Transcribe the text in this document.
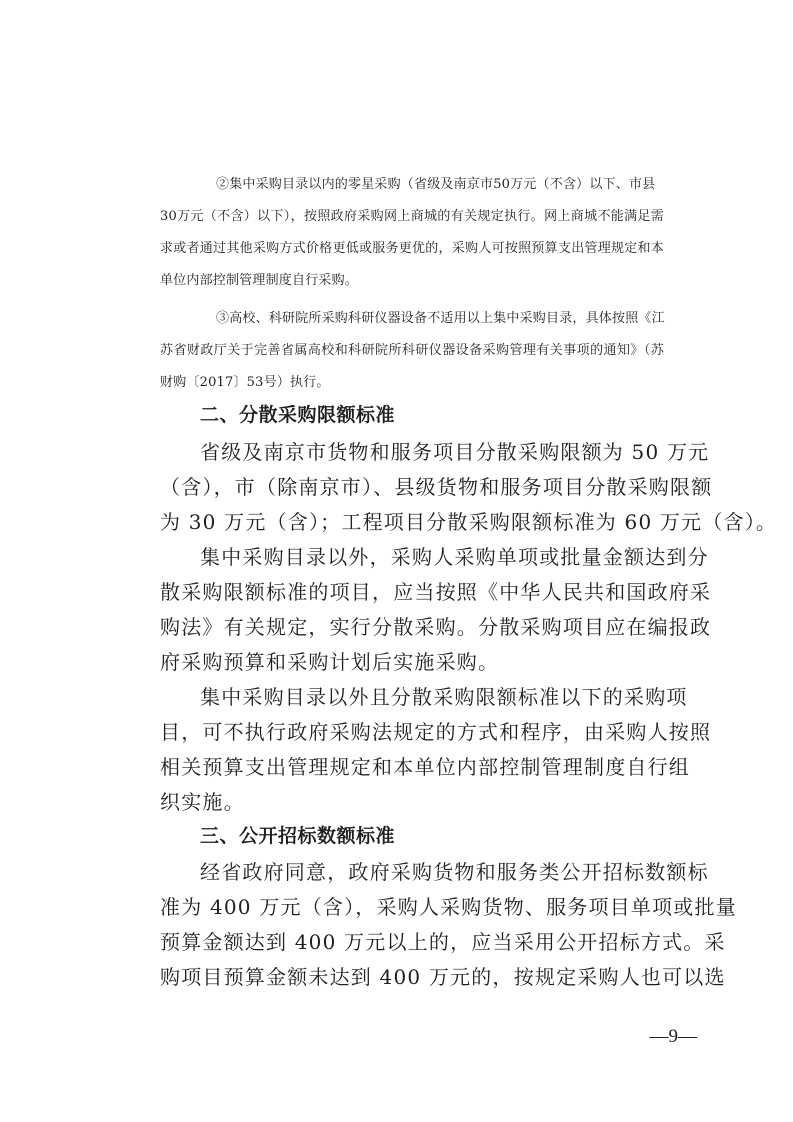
②集中采购目录以内的零星采购（省级及南京市50万元（不含）以下、市县

30万元（不含）以下），按照政府采购网上商城的有关规定执行。网上商城不能满足需

求或者通过其他采购方式价格更低或服务更优的，采购人可按照预算支出管理规定和本

单位内部控制管理制度自行采购。

③高校、科研院所采购科研仪器设备不适用以上集中采购目录，具体按照《江

苏省财政厅关于完善省属高校和科研院所科研仪器设备采购管理有关事项的通知》（苏

财购〔2017〕53号）执行。

二、分散采购限额标准

省级及南京市货物和服务项目分散采购限额为 50 万元

（含），市（除南京市）、县级货物和服务项目分散采购限额

为 30 万元（含）；工程项目分散采购限额标准为 60 万元（含）。

集中采购目录以外，采购人采购单项或批量金额达到分

散采购限额标准的项目，应当按照《中华人民共和国政府采

购法》有关规定，实行分散采购。分散采购项目应在编报政

府采购预算和采购计划后实施采购。

集中采购目录以外且分散采购限额标准以下的采购项

目，可不执行政府采购法规定的方式和程序，由采购人按照

相关预算支出管理规定和本单位内部控制管理制度自行组

织实施。

三、公开招标数额标准

经省政府同意，政府采购货物和服务类公开招标数额标

准为 400 万元（含），采购人采购货物、服务项目单项或批量

预算金额达到 400 万元以上的，应当采用公开招标方式。采

购项目预算金额未达到 400 万元的，按规定采购人也可以选

—9—
